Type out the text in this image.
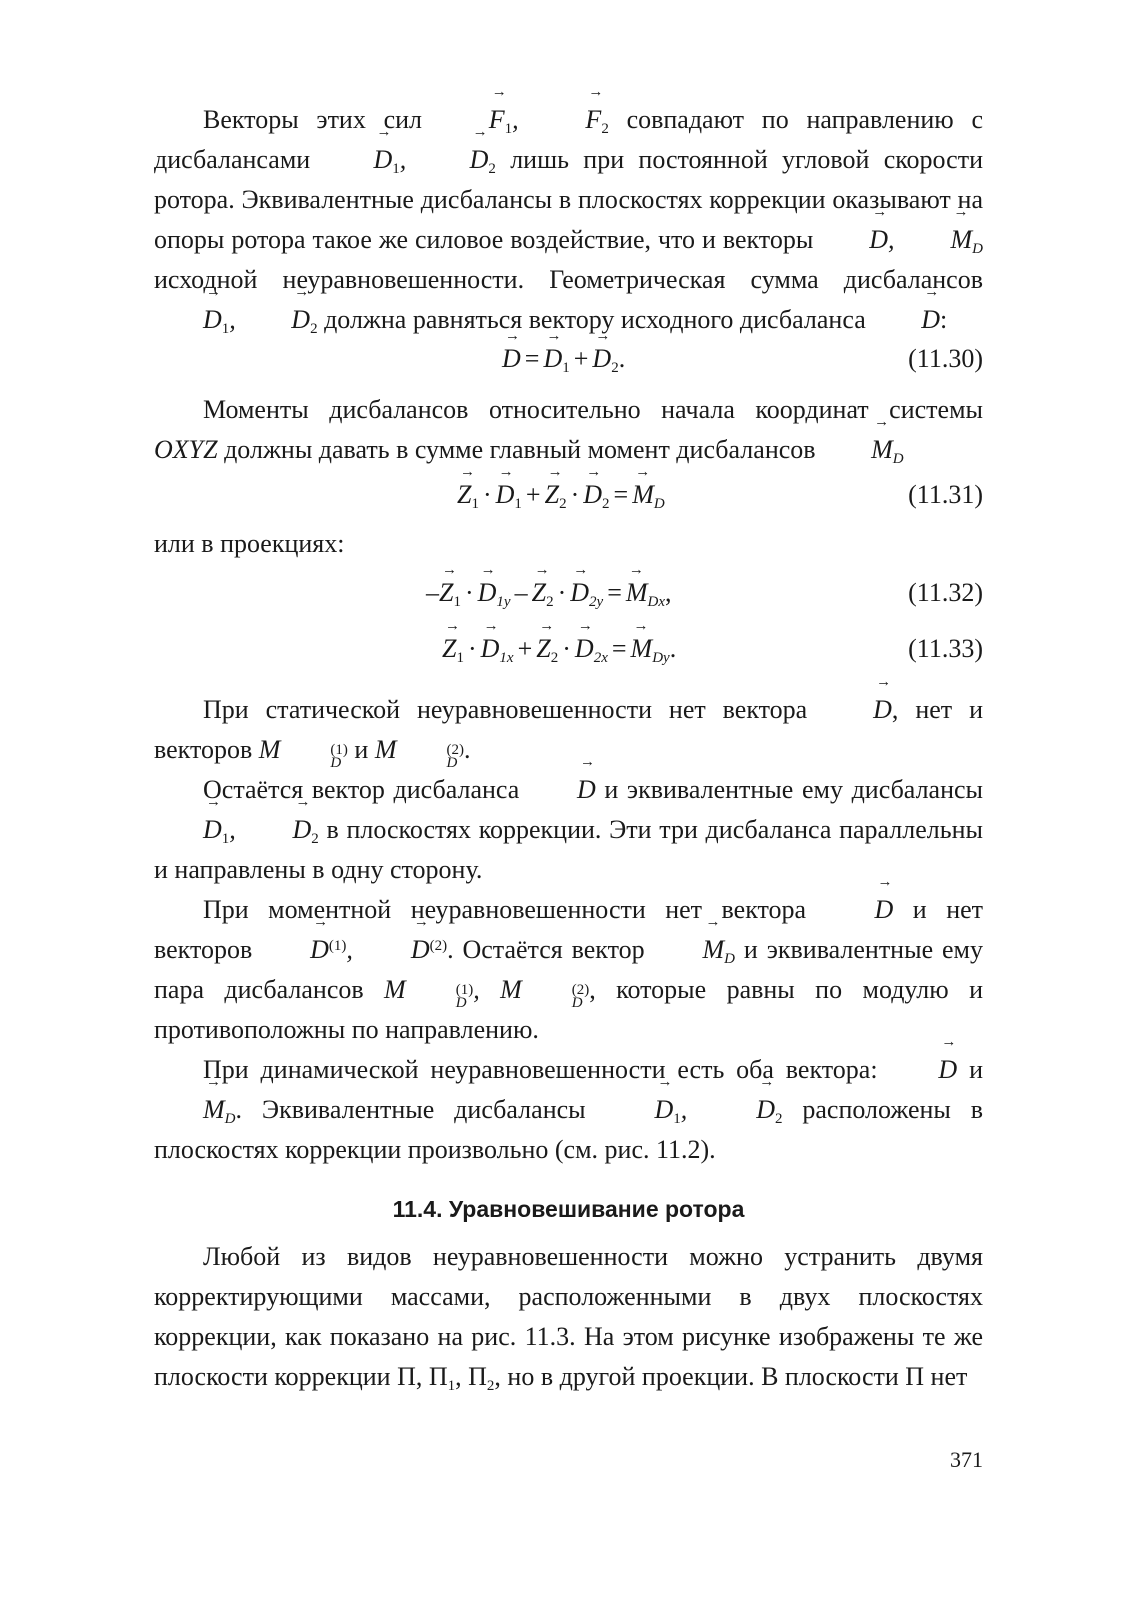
Векторы этих сил →	$F_1$, → $F_2$ совпадают по направлению с дисбалансами → $D_1$, → $D_2$ лишь при постоянной угловой скорости ротора. Эквивалентные дисбалансы в плоскостях коррекции оказывают на опоры ротора такое же силовое воздействие, что и векторы → D, → $M_D$ исходной неуравновешенности. Геометрическая сумма дисбалансов → $D_1$, → $D_2$ должна равняться вектору исходного дисбаланса → D:

→ $D =\to D_1 +\to D_2$.	(11.30)

Моменты дисбалансов относительно начала координат системы OXYZ должны давать в сумме главный момент дисбалансов → $M_D$

→ $Z_1 \cdot\to D_1 +\to Z_2 \cdot\to D_2 =\to M_D$	(11.31)

или в проекциях:

–→ $Z_1 \cdot\to D_{1y} -\to Z_2 \cdot\to D_{2y} =\to M_{Dx}$,	(11.32)
→ $Z_1 \cdot\to D_{1x} +\to Z_2 \cdot\to D_{2x} =\to M_{Dy}$.	(11.33)

При статической неуравновешенности нет вектора →	D, нет и векторов M	(1)
D и M	(2)
D .

Остаётся вектор дисбаланса → D и эквивалентные ему дисбалансы → $D_1$, → $D_2$ в плоскостях коррекции. Эти три дисбаланса параллельны и направлены в одну сторону.

При моментной неуравновешенности нет вектора →	D и нет векторов → $D^{(1)}$, → $D^{(2)}$. Остаётся вектор → $M_D$ и эквивалентные ему пара дисбалансов M	(1)
D , M	(2)
D , которые равны по модулю и противоположны по направлению.

При динамической неуравновешенности есть оба вектора: → D $и \to M_D$. Эквивалентные дисбалансы →	$D_1$, → $D_2$ расположены в плоскостях коррекции произвольно (см. рис. 11.2).

11.4. Уравновешивание ротора

Любой из видов неуравновешенности можно устранить двумя корректирующими массами, расположенными в двух плоскостях коррекции, как показано на рис. 11.3. На этом рисунке изображены те же плоскости коррекции П, $П_1$, $П_2$, но в другой проекции. В плоскости П нет

371
